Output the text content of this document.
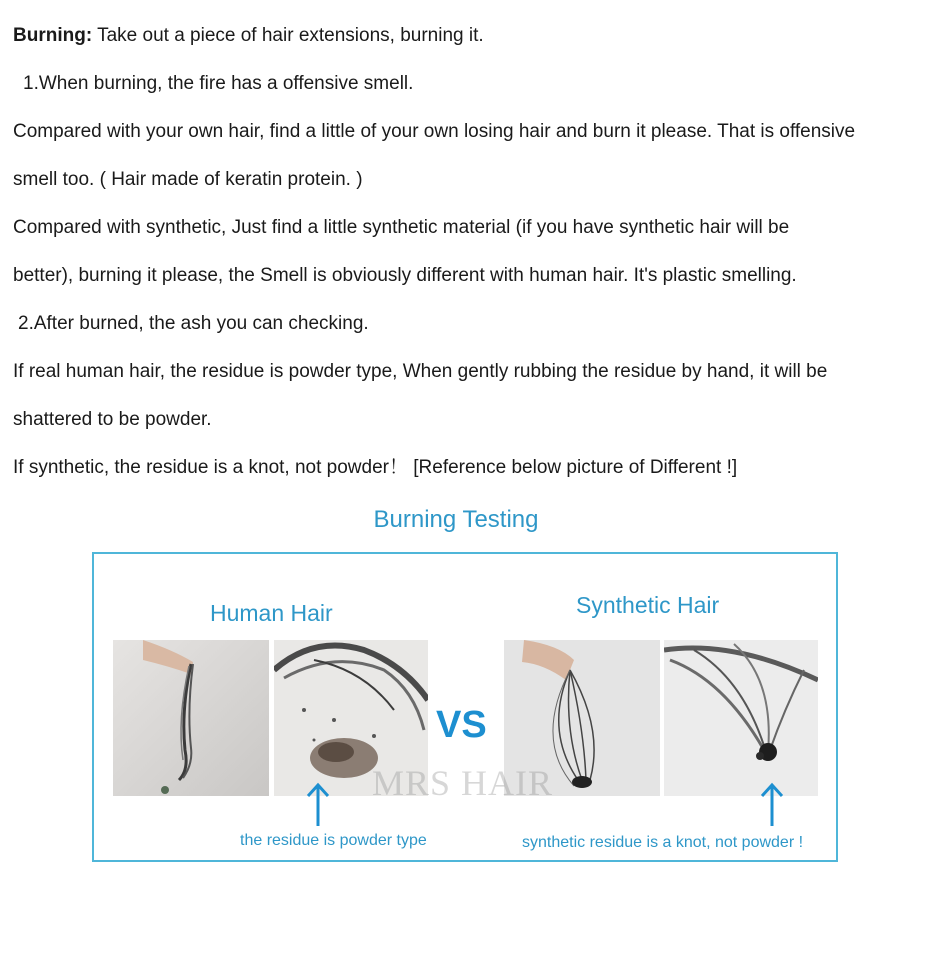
Burning: Take out a piece of hair extensions, burning it.
1.When burning, the fire has a offensive smell.
Compared with your own hair, find a little of your own losing hair and burn it please. That is offensive
smell too. ( Hair made of keratin protein. )
Compared with synthetic, Just find a little synthetic material (if you have synthetic hair will be
better), burning it please, the Smell is obviously different with human hair. It's plastic smelling.
2.After burned, the ash you can checking.
If real human hair, the residue is powder type, When gently rubbing the residue by hand, it will be
shattered to be powder.
If synthetic, the residue is a knot, not powder！ [Reference below picture of Different !]
Burning Testing
Human Hair	Synthetic Hair
VS
MRS HAIR
the residue is powder type	synthetic residue is a knot, not powder !
